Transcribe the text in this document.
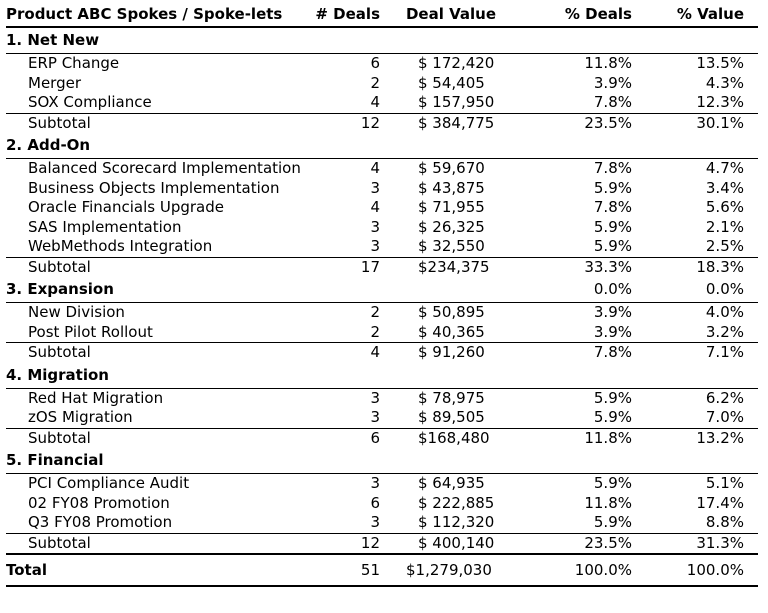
Product ABC Spokes / Spoke-lets	# Deals	Deal Value	% Deals	% Value
1. Net New				
ERP Change	6	$ 172,420	11.8%	13.5%
Merger	2	$ 54,405	3.9%	4.3%
SOX Compliance	4	$ 157,950	7.8%	12.3%
Subtotal	12	$ 384,775	23.5%	30.1%
2. Add-On				
Balanced Scorecard Implementation	4	$ 59,670	7.8%	4.7%
Business Objects Implementation	3	$ 43,875	5.9%	3.4%
Oracle Financials Upgrade	4	$ 71,955	7.8%	5.6%
SAS Implementation	3	$ 26,325	5.9%	2.1%
WebMethods Integration	3	$ 32,550	5.9%	2.5%
Subtotal	17	$234,375	33.3%	18.3%
3. Expansion			0.0%	0.0%
New Division	2	$ 50,895	3.9%	4.0%
Post Pilot Rollout	2	$ 40,365	3.9%	3.2%
Subtotal	4	$ 91,260	7.8%	7.1%
4. Migration				
Red Hat Migration	3	$ 78,975	5.9%	6.2%
zOS Migration	3	$ 89,505	5.9%	7.0%
Subtotal	6	$168,480	11.8%	13.2%
5. Financial				
PCI Compliance Audit	3	$ 64,935	5.9%	5.1%
02 FY08 Promotion	6	$ 222,885	11.8%	17.4%
Q3 FY08 Promotion	3	$ 112,320	5.9%	8.8%
Subtotal	12	$ 400,140	23.5%	31.3%
Total	51	$1,279,030	100.0%	100.0%
